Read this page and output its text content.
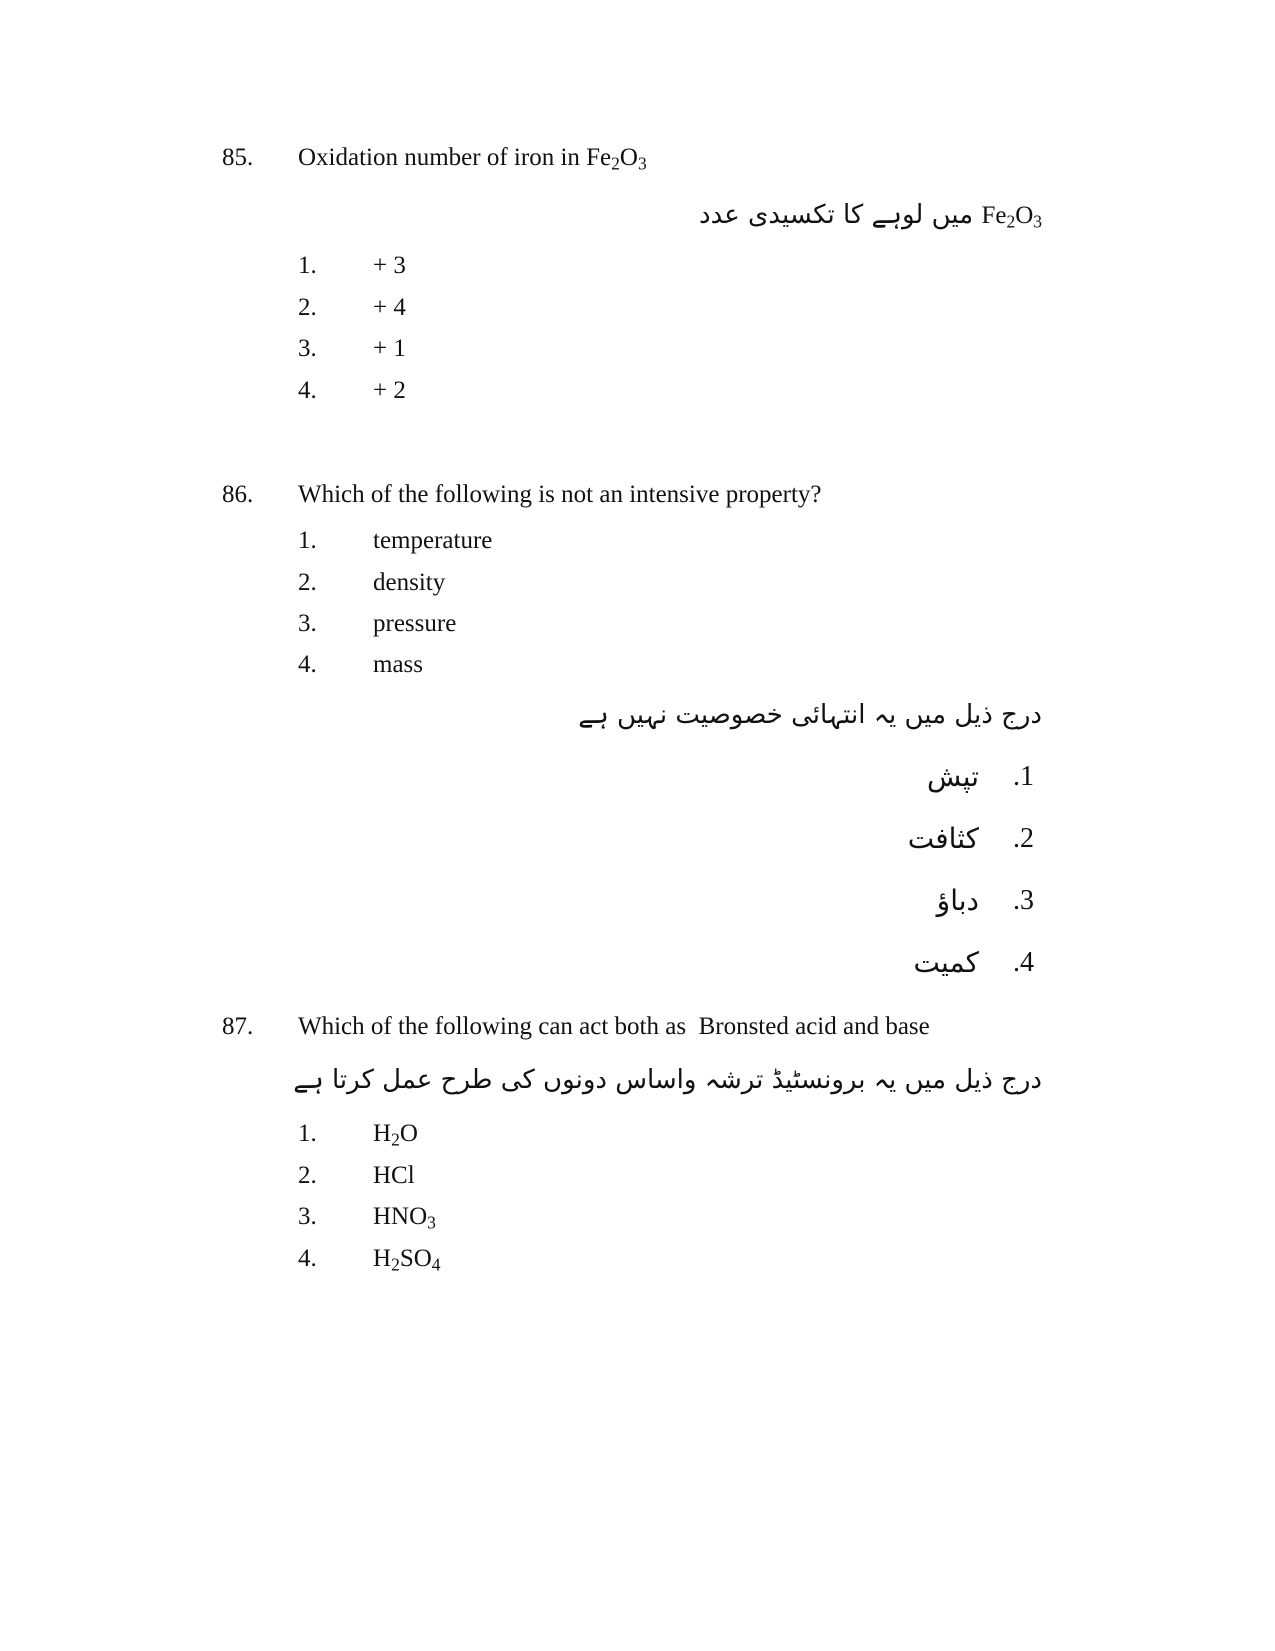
85. Oxidation number of iron in $Fe_2O_3$
$Fe_2O_3$ میں لوہے کا تکسیدی عدد
1. + 3
2. + 4
3. + 1
4. + 2
86. Which of the following is not an intensive property?
1. temperature
2. density
3. pressure
4. mass
درج ذیل میں یہ انتہائی خصوصیت نہیں ہے
.1
تپش
.2
کثافت
.3
دباؤ
.4
کمیت
87. Which of the following can act both as  Bronsted acid and base
درج ذیل میں یہ برونسٹیڈ ترشہ واساس دونوں کی طرح عمل کرتا ہے
1. $H_2O$
2. HCl
3. $HNO_3$
4. $H_2SO_4$
